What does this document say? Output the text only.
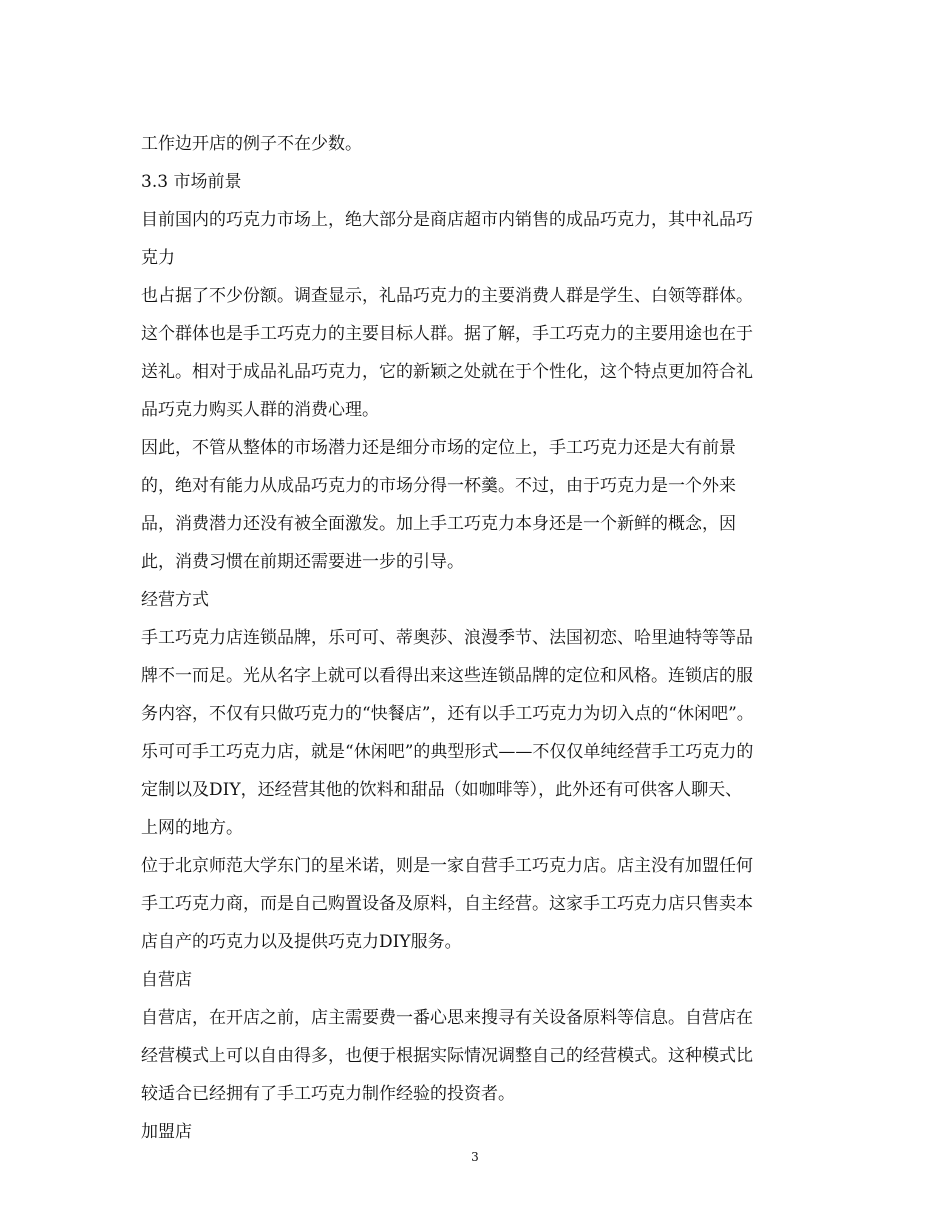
工作边开店的例子不在少数。
3.3 市场前景
目前国内的巧克力市场上，绝大部分是商店超市内销售的成品巧克力，其中礼品巧
克力
也占据了不少份额。调查显示，礼品巧克力的主要消费人群是学生、白领等群体。
这个群体也是手工巧克力的主要目标人群。据了解，手工巧克力的主要用途也在于
送礼。相对于成品礼品巧克力，它的新颖之处就在于个性化，这个特点更加符合礼
品巧克力购买人群的消费心理。
因此，不管从整体的市场潜力还是细分市场的定位上，手工巧克力还是大有前景
的，绝对有能力从成品巧克力的市场分得一杯羹。不过，由于巧克力是一个外来
品，消费潜力还没有被全面激发。加上手工巧克力本身还是一个新鲜的概念，因
此，消费习惯在前期还需要进一步的引导。
经营方式
手工巧克力店连锁品牌，乐可可、蒂奥莎、浪漫季节、法国初恋、哈里迪特等等品
牌不一而足。光从名字上就可以看得出来这些连锁品牌的定位和风格。连锁店的服
务内容，不仅有只做巧克力的“快餐店”，还有以手工巧克力为切入点的“休闲吧”。
乐可可手工巧克力店，就是“休闲吧”的典型形式——不仅仅单纯经营手工巧克力的
定制以及DIY，还经营其他的饮料和甜品（如咖啡等），此外还有可供客人聊天、
上网的地方。
位于北京师范大学东门的星米诺，则是一家自营手工巧克力店。店主没有加盟任何
手工巧克力商，而是自己购置设备及原料，自主经营。这家手工巧克力店只售卖本
店自产的巧克力以及提供巧克力DIY服务。
自营店
自营店，在开店之前，店主需要费一番心思来搜寻有关设备原料等信息。自营店在
经营模式上可以自由得多，也便于根据实际情况调整自己的经营模式。这种模式比
较适合已经拥有了手工巧克力制作经验的投资者。
加盟店
3
